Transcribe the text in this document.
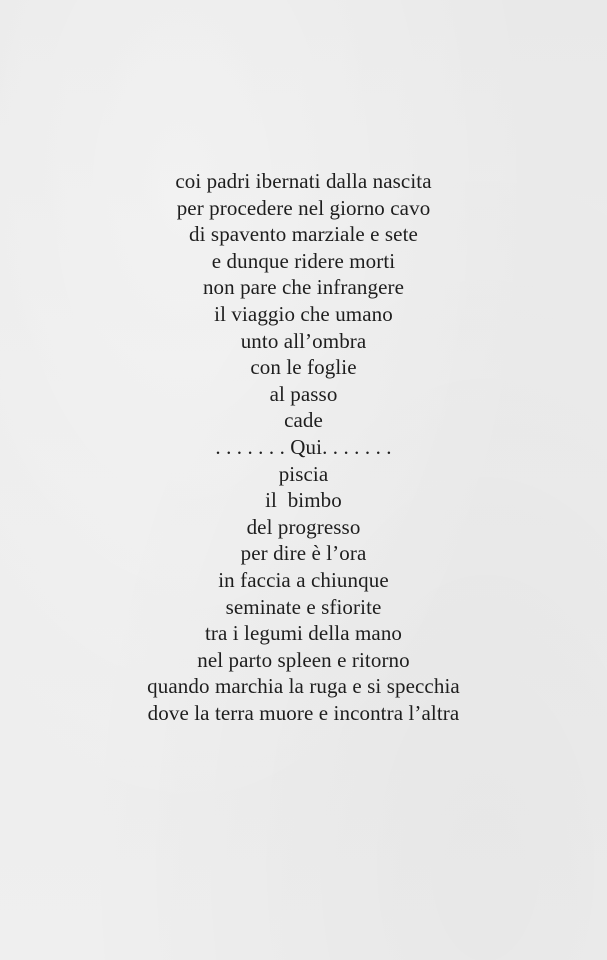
coi padri ibernati dalla nascita
per procedere nel giorno cavo
di spavento marziale e sete
e dunque ridere morti
non pare che infrangere
il viaggio che umano
unto all’ombra
con le foglie
al passo
cade
. . . . . . . Qui. . . . . . .
piscia
il  bimbo
del progresso
per dire è l’ora
in faccia a chiunque
seminate e sfiorite
tra i legumi della mano
nel parto spleen e ritorno
quando marchia la ruga e si specchia
dove la terra muore e incontra l’altra
